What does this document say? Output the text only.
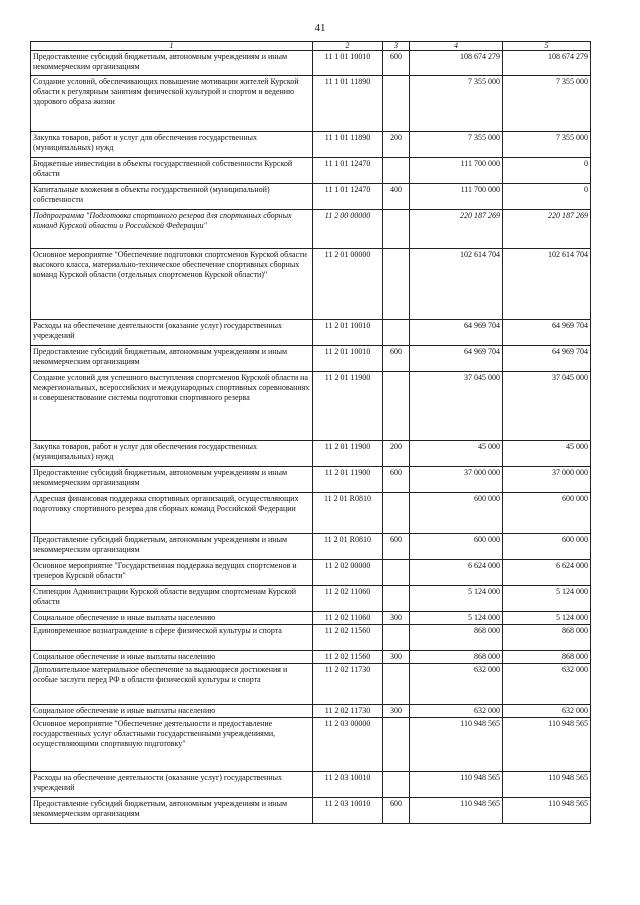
41
1	2	3	4	5
Предоставление субсидий бюджетным, автономным учреждениям и иным некоммерческим организациям	11 1 01 10010	600	108 674 279	108 674 279
Создание условий, обеспечивающих повышение мотивации жителей Курской области к регулярным занятиям физической культурой и спортом и ведению здорового образа жизни	11 1 01 11890		7 355 000	7 355 000
Закупка товаров, работ и услуг для обеспечения государственных (муниципальных) нужд	11 1 01 11890	200	7 355 000	7 355 000
Бюджетные инвестиции в объекты государственной собственности Курской области	11 1 01 12470		111 700 000	0
Капитальные вложения в объекты государственной (муниципальной) собственности	11 1 01 12470	400	111 700 000	0
Подпрограмма "Подготовка спортивного резерва для спортивных сборных команд Курской области и Российской Федерации"	11 2 00 00000		220 187 269	220 187 269
Основное мероприятие "Обеспечение подготовки спортсменов Курской области высокого класса, материально-техническое обеспечение спортивных сборных команд Курской области (отдельных спортсменов Курской области)"	11 2 01 00000		102 614 704	102 614 704
Расходы на обеспечение деятельности (оказание услуг) государственных учреждений	11 2 01 10010		64 969 704	64 969 704
Предоставление субсидий бюджетным, автономным учреждениям и иным некоммерческим организациям	11 2 01 10010	600	64 969 704	64 969 704
Создание условий для успешного выступления спортсменов Курской области на межрегиональных, всероссийских и международных спортивных соревнованиях и совершенствование системы подготовки спортивного резерва	11 2 01 11900		37 045 000	37 045 000
Закупка товаров, работ и услуг для обеспечения государственных (муниципальных) нужд	11 2 01 11900	200	45 000	45 000
Предоставление субсидий бюджетным, автономным учреждениям и иным некоммерческим организациям	11 2 01 11900	600	37 000 000	37 000 000
Адресная финансовая поддержка спортивных организаций, осуществляющих подготовку спортивного резерва для сборных команд Российской Федерации	11 2 01 R0810		600 000	600 000
Предоставление субсидий бюджетным, автономным учреждениям и иным некоммерческим организациям	11 2 01 R0810	600	600 000	600 000
Основное мероприятие "Государственная поддержка ведущих спортсменов и тренеров Курской области"	11 2 02 00000		6 624 000	6 624 000
Стипендии Администрации Курской области ведущим спортсменам Курской области	11 2 02 11060		5 124 000	5 124 000
Социальное обеспечение и иные выплаты населению	11 2 02 11060	300	5 124 000	5 124 000
Единовременное вознаграждение в сфере физической культуры и спорта	11 2 02 11560		868 000	868 000
Социальное обеспечение и иные выплаты населению	11 2 02 11560	300	868 000	868 000
Дополнительное материальное обеспечение за выдающиеся достижения и особые заслуги перед РФ в области физической культуры и спорта	11 2 02 11730		632 000	632 000
Социальное обеспечение и иные выплаты населению	11 2 02 11730	300	632 000	632 000
Основное мероприятие "Обеспечение деятельности и предоставление государственных услуг областными государственными учреждениями, осуществляющими спортивную подготовку"	11 2 03 00000		110 948 565	110 948 565
Расходы на обеспечение деятельности (оказание услуг) государственных учреждений	11 2 03 10010		110 948 565	110 948 565
Предоставление субсидий бюджетным, автономным учреждениям и иным некоммерческим организациям	11 2 03 10010	600	110 948 565	110 948 565
